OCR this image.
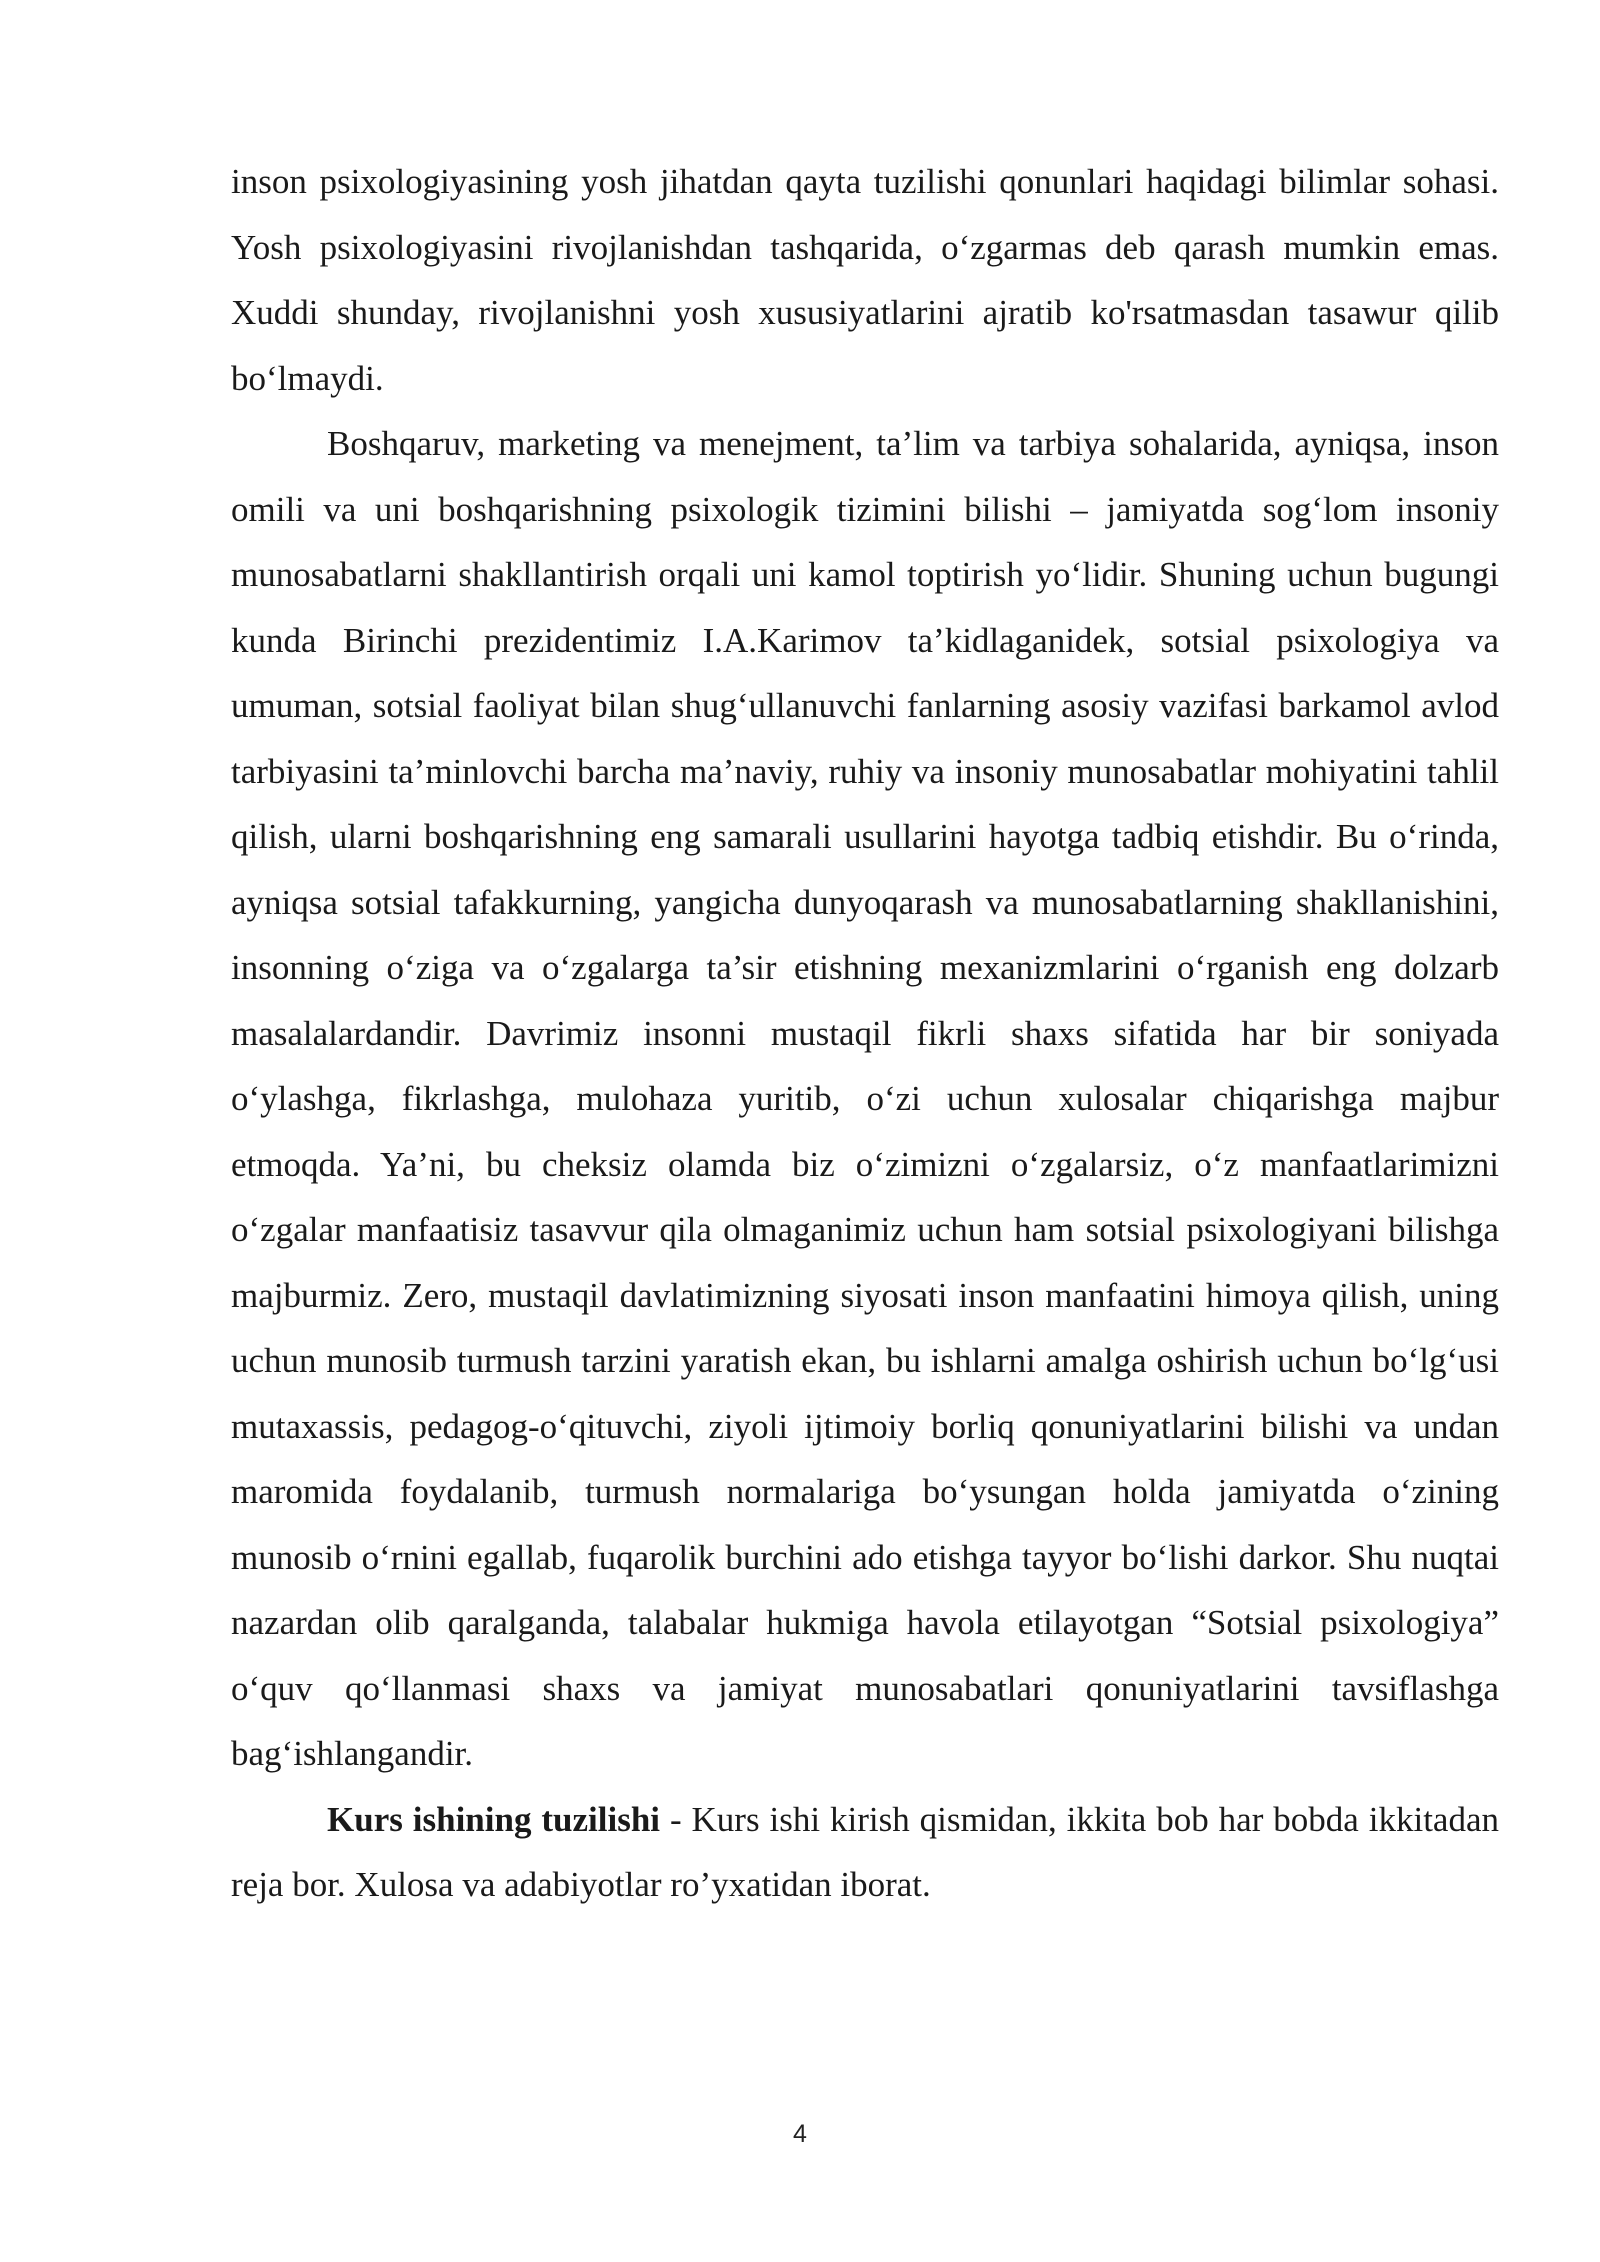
inson psixologiyasining yosh jihatdan qayta tuzilishi qonunlari haqidagi bilimlar sohasi. Yosh psixologiyasini rivojlanishdan tashqarida, o‘zgarmas deb qarash mumkin emas. Xuddi shunday, rivojlanishni yosh xususiyatlarini ajratib ko'rsatmasdan tasawur qilib bo‘lmaydi.

Boshqaruv, marketing va menejment, ta’lim va tarbiya sohalarida, ayniqsa, inson omili va uni boshqarishning psixologik tizimini bilishi – jamiyatda sog‘lom insoniy munosabatlarni shakllantirish orqali uni kamol toptirish yo‘lidir. Shuning uchun bugungi kunda Birinchi prezidentimiz I.A.Karimov ta’kidlaganidek, sotsial psixologiya va umuman, sotsial faoliyat bilan shug‘ullanuvchi fanlarning asosiy vazifasi barkamol avlod tarbiyasini ta’minlovchi barcha ma’naviy, ruhiy va insoniy munosabatlar mohiyatini tahlil qilish, ularni boshqarishning eng samarali usullarini hayotga tadbiq etishdir. Bu o‘rinda, ayniqsa sotsial tafakkurning, yangicha dunyoqarash va munosabatlarning shakllanishini, insonning o‘ziga va o‘zgalarga ta’sir etishning mexanizmlarini o‘rganish eng dolzarb masalalardandir. Davrimiz insonni mustaqil fikrli shaxs sifatida har bir soniyada o‘ylashga, fikrlashga, mulohaza yuritib, o‘zi uchun xulosalar chiqarishga majbur etmoqda. Ya’ni, bu cheksiz olamda biz o‘zimizni o‘zgalarsiz, o‘z manfaatlarimizni o‘zgalar manfaatisiz tasavvur qila olmaganimiz uchun ham sotsial psixologiyani bilishga majburmiz. Zero, mustaqil davlatimizning siyosati inson manfaatini himoya qilish, uning uchun munosib turmush tarzini yaratish ekan, bu ishlarni amalga oshirish uchun bo‘lg‘usi mutaxassis, pedagog-o‘qituvchi, ziyoli ijtimoiy borliq qonuniyatlarini bilishi va undan maromida foydalanib, turmush normalariga bo‘ysungan holda jamiyatda o‘zining munosib o‘rnini egallab, fuqarolik burchini ado etishga tayyor bo‘lishi darkor. Shu nuqtai nazardan olib qaralganda, talabalar hukmiga havola etilayotgan “Sotsial psixologiya” o‘quv qo‘llanmasi shaxs va jamiyat munosabatlari qonuniyatlarini tavsiflashga bag‘ishlangandir.

Kurs ishining tuzilishi - Kurs ishi kirish qismidan, ikkita bob har bobda ikkitadan reja bor. Xulosa va adabiyotlar ro’yxatidan iborat.

4
